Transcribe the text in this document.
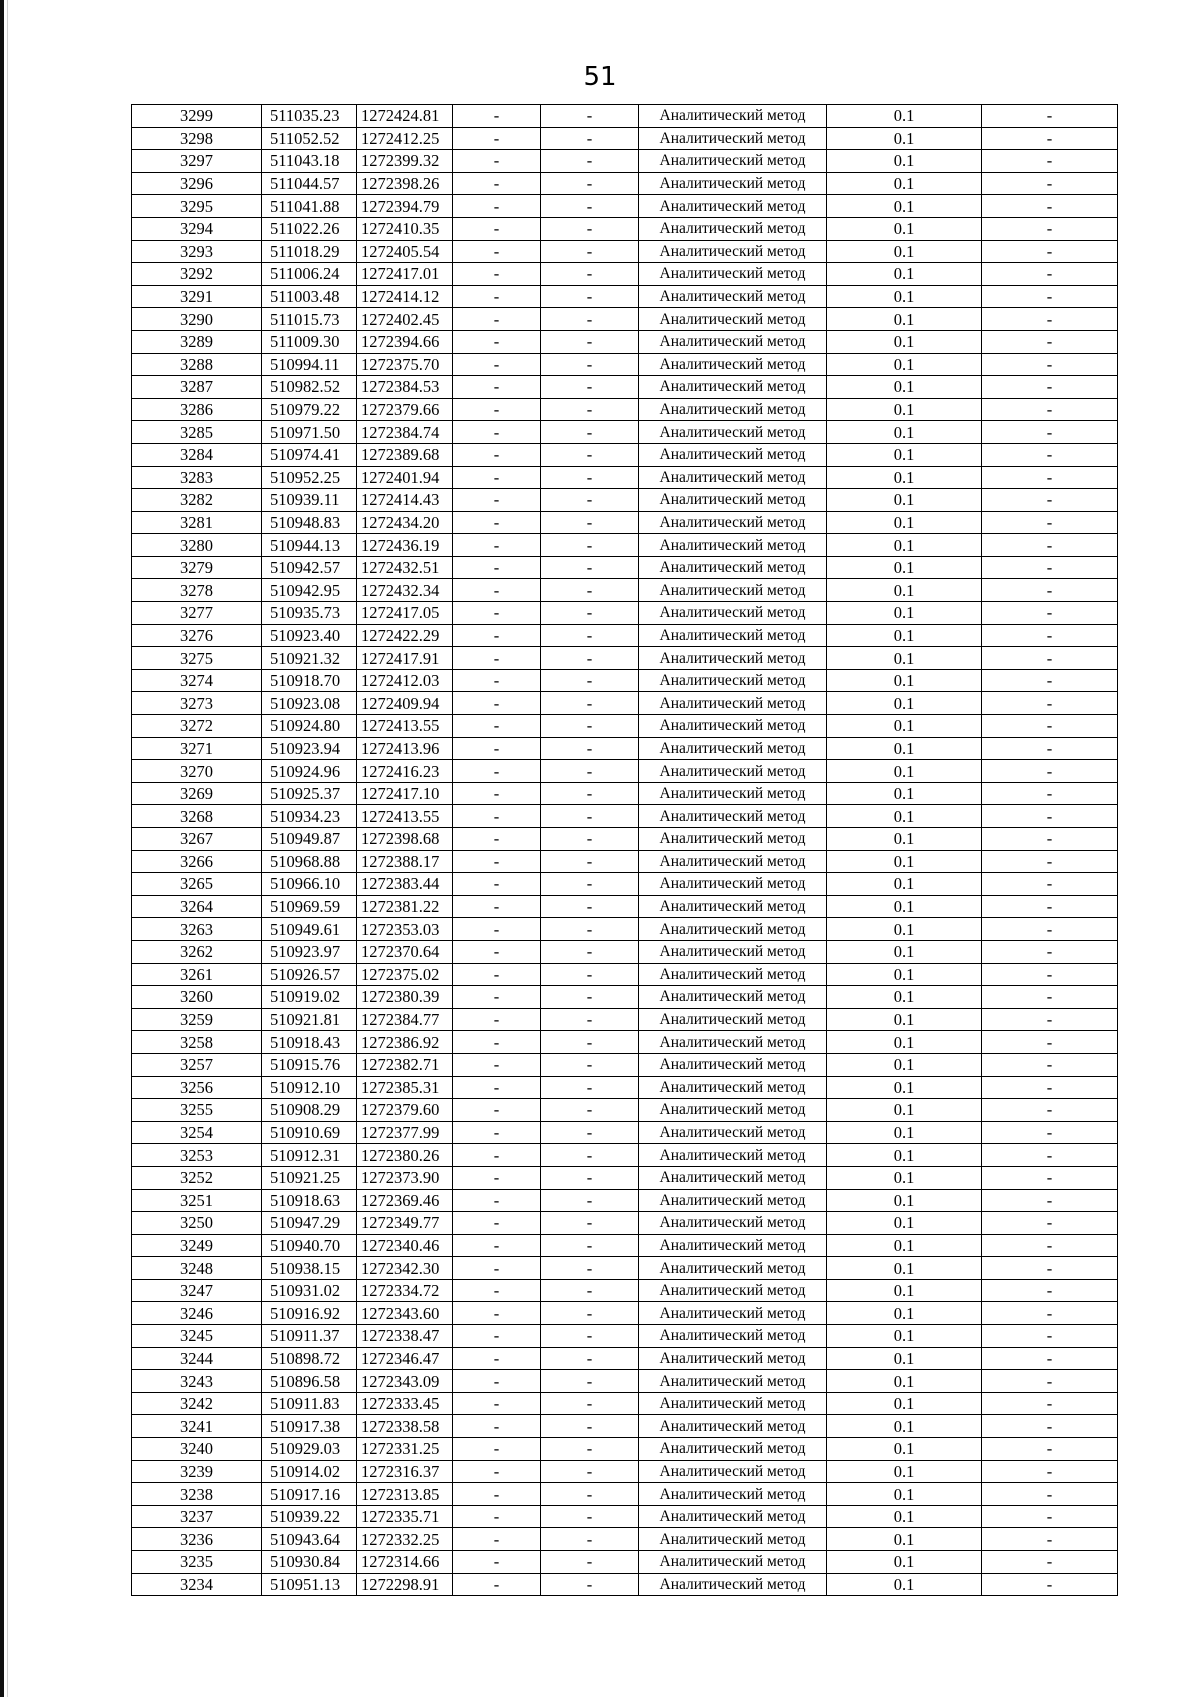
51
3299	511035.23	1272424.81	-	-	Аналитический метод	0.1	-
3298	511052.52	1272412.25	-	-	Аналитический метод	0.1	-
3297	511043.18	1272399.32	-	-	Аналитический метод	0.1	-
3296	511044.57	1272398.26	-	-	Аналитический метод	0.1	-
3295	511041.88	1272394.79	-	-	Аналитический метод	0.1	-
3294	511022.26	1272410.35	-	-	Аналитический метод	0.1	-
3293	511018.29	1272405.54	-	-	Аналитический метод	0.1	-
3292	511006.24	1272417.01	-	-	Аналитический метод	0.1	-
3291	511003.48	1272414.12	-	-	Аналитический метод	0.1	-
3290	511015.73	1272402.45	-	-	Аналитический метод	0.1	-
3289	511009.30	1272394.66	-	-	Аналитический метод	0.1	-
3288	510994.11	1272375.70	-	-	Аналитический метод	0.1	-
3287	510982.52	1272384.53	-	-	Аналитический метод	0.1	-
3286	510979.22	1272379.66	-	-	Аналитический метод	0.1	-
3285	510971.50	1272384.74	-	-	Аналитический метод	0.1	-
3284	510974.41	1272389.68	-	-	Аналитический метод	0.1	-
3283	510952.25	1272401.94	-	-	Аналитический метод	0.1	-
3282	510939.11	1272414.43	-	-	Аналитический метод	0.1	-
3281	510948.83	1272434.20	-	-	Аналитический метод	0.1	-
3280	510944.13	1272436.19	-	-	Аналитический метод	0.1	-
3279	510942.57	1272432.51	-	-	Аналитический метод	0.1	-
3278	510942.95	1272432.34	-	-	Аналитический метод	0.1	-
3277	510935.73	1272417.05	-	-	Аналитический метод	0.1	-
3276	510923.40	1272422.29	-	-	Аналитический метод	0.1	-
3275	510921.32	1272417.91	-	-	Аналитический метод	0.1	-
3274	510918.70	1272412.03	-	-	Аналитический метод	0.1	-
3273	510923.08	1272409.94	-	-	Аналитический метод	0.1	-
3272	510924.80	1272413.55	-	-	Аналитический метод	0.1	-
3271	510923.94	1272413.96	-	-	Аналитический метод	0.1	-
3270	510924.96	1272416.23	-	-	Аналитический метод	0.1	-
3269	510925.37	1272417.10	-	-	Аналитический метод	0.1	-
3268	510934.23	1272413.55	-	-	Аналитический метод	0.1	-
3267	510949.87	1272398.68	-	-	Аналитический метод	0.1	-
3266	510968.88	1272388.17	-	-	Аналитический метод	0.1	-
3265	510966.10	1272383.44	-	-	Аналитический метод	0.1	-
3264	510969.59	1272381.22	-	-	Аналитический метод	0.1	-
3263	510949.61	1272353.03	-	-	Аналитический метод	0.1	-
3262	510923.97	1272370.64	-	-	Аналитический метод	0.1	-
3261	510926.57	1272375.02	-	-	Аналитический метод	0.1	-
3260	510919.02	1272380.39	-	-	Аналитический метод	0.1	-
3259	510921.81	1272384.77	-	-	Аналитический метод	0.1	-
3258	510918.43	1272386.92	-	-	Аналитический метод	0.1	-
3257	510915.76	1272382.71	-	-	Аналитический метод	0.1	-
3256	510912.10	1272385.31	-	-	Аналитический метод	0.1	-
3255	510908.29	1272379.60	-	-	Аналитический метод	0.1	-
3254	510910.69	1272377.99	-	-	Аналитический метод	0.1	-
3253	510912.31	1272380.26	-	-	Аналитический метод	0.1	-
3252	510921.25	1272373.90	-	-	Аналитический метод	0.1	-
3251	510918.63	1272369.46	-	-	Аналитический метод	0.1	-
3250	510947.29	1272349.77	-	-	Аналитический метод	0.1	-
3249	510940.70	1272340.46	-	-	Аналитический метод	0.1	-
3248	510938.15	1272342.30	-	-	Аналитический метод	0.1	-
3247	510931.02	1272334.72	-	-	Аналитический метод	0.1	-
3246	510916.92	1272343.60	-	-	Аналитический метод	0.1	-
3245	510911.37	1272338.47	-	-	Аналитический метод	0.1	-
3244	510898.72	1272346.47	-	-	Аналитический метод	0.1	-
3243	510896.58	1272343.09	-	-	Аналитический метод	0.1	-
3242	510911.83	1272333.45	-	-	Аналитический метод	0.1	-
3241	510917.38	1272338.58	-	-	Аналитический метод	0.1	-
3240	510929.03	1272331.25	-	-	Аналитический метод	0.1	-
3239	510914.02	1272316.37	-	-	Аналитический метод	0.1	-
3238	510917.16	1272313.85	-	-	Аналитический метод	0.1	-
3237	510939.22	1272335.71	-	-	Аналитический метод	0.1	-
3236	510943.64	1272332.25	-	-	Аналитический метод	0.1	-
3235	510930.84	1272314.66	-	-	Аналитический метод	0.1	-
3234	510951.13	1272298.91	-	-	Аналитический метод	0.1	-
